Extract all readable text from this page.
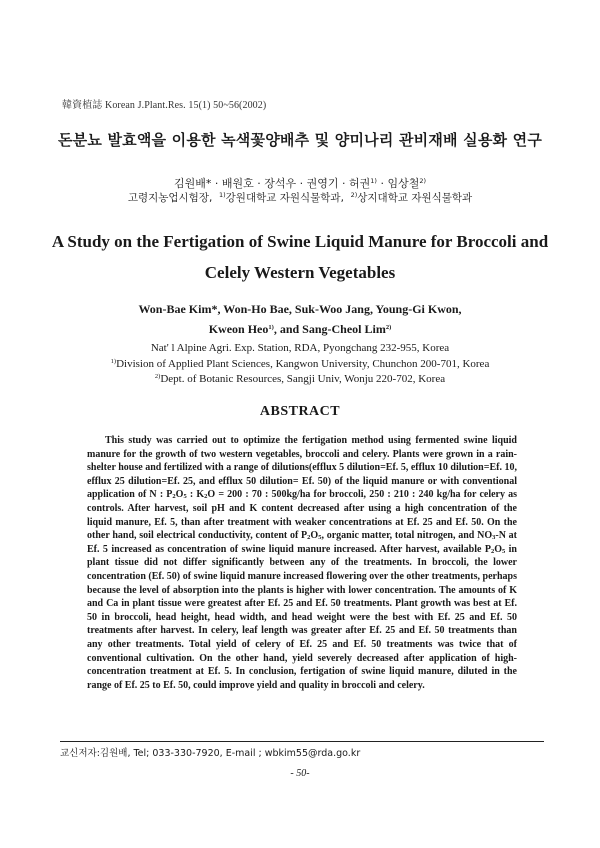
韓資植誌 Korean J.Plant.Res. 15(1) 50~56(2002)
돈분뇨 발효액을 이용한 녹색꽃양배추 및 양미나리 관비재배 실용화 연구
김원배* · 배원호 · 장석우 · 권영기 · 허권$^{1)}$ · 임상철$^{2)}$
고령지농업시험장, $^{1)}$강원대학교 자원식물학과, $^{2)}$상지대학교 자원식물학과
A Study on the Fertigation of Swine Liquid Manure for Broccoli and Celely Western Vegetables
Won-Bae Kim*, Won-Ho Bae, Suk-Woo Jang, Young-Gi Kwon,
Kweon Heo$^{1)}$, and Sang-Cheol Lim$^{2)}$
Nat' l Alpine Agri. Exp. Station, RDA, Pyongchang 232-955, Korea
$^{1)}$Division of Applied Plant Sciences, Kangwon University, Chunchon 200-701, Korea
$^{2)}$Dept. of Botanic Resources, Sangji Univ, Wonju 220-702, Korea
ABSTRACT

This study was carried out to optimize the fertigation method using fermented swine liquid manure for the growth of two western vegetables, broccoli and celery. Plants were grown in a rain-shelter house and fertilized with a range of dilutions(efflux 5 dilution=Ef. 5, efflux 10 dilution=Ef. 10, efflux 25 dilution=Ef. 25, and efflux 50 dilution= Ef. 50) of the liquid manure or with conventional application of N : $P_2O_5$ : $K_2O = 200$ : 70 : 500kg/ha for broccoli, 250 : 210 : 240 kg/ha for celery as controls. After harvest, soil pH and K content decreased after using a high concentration of the liquid manure, Ef. 5, than after treatment with weaker concentrations at Ef. 25 and Ef. 50. On the other hand, soil electrical conductivity, content of $P_2O_5$, organic matter, total nitrogen, and $NO_3-N$ at Ef. 5 increased as concentration of swine liquid manure increased. After harvest, available $P_2O_5$ in plant tissue did not differ significantly between any of the treatments. In broccoli, the lower concentration (Ef. 50) of swine liquid manure increased flowering over the other treatments, perhaps because the level of absorption into the plants is higher with lower concentration. The amounts of K and Ca in plant tissue were greatest after Ef. 25 and Ef. 50 treatments. Plant growth was best at Ef. 50 in broccoli, head height, head width, and head weight were the best with Ef. 25 and Ef. 50 treatments after harvest. In celery, leaf length was greater after Ef. 25 and Ef. 50 treatments than any other treatments. Total yield of celery of Ef. 25 and Ef. 50 treatments was twice that of conventional cultivation. On the other hand, yield severely decreased after application of high-concentration treatment at Ef. 5. In conclusion, fertigation of swine liquid manure, diluted in the range of Ef. 25 to Ef. 50, could improve yield and quality in broccoli and celery.

교신저자:김원배, Tel; 033-330-7920, E-mail ; wbkim55@rda.go.kr
- 50-
